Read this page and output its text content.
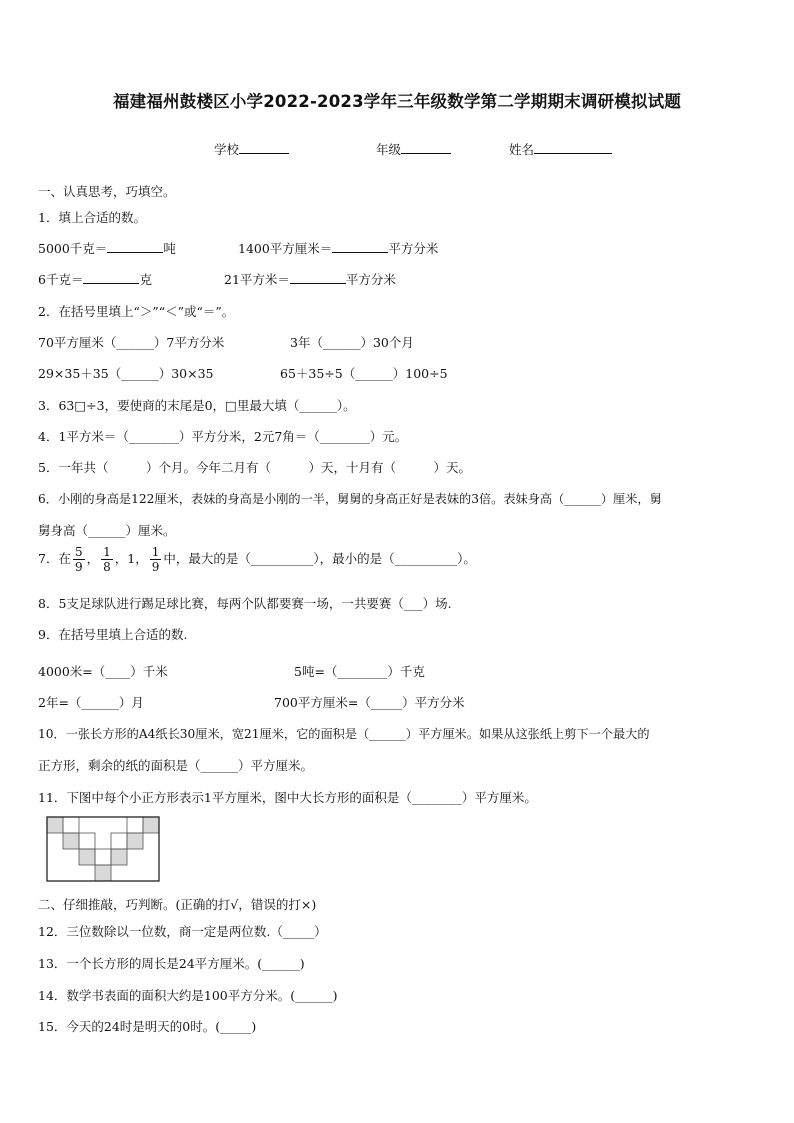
福建福州鼓楼区小学2022-2023学年三年级数学第二学期期末调研模拟试题
学校	年级	姓名
一、认真思考，巧填空。
1．填上合适的数。
5000千克＝	吨	1400平方厘米＝	平方分米
6千克＝	克	21平方米＝	平方分米
2．在括号里填上“＞”“＜”或“＝”。
70平方厘米（______）7平方分米	3年（______）30个月
29×35＋35（______）30×35	65＋35÷5（______）100÷5
3．63□÷3，要使商的末尾是0，□里最大填（______）。
4．1平方米＝（________）平方分米，2元7角＝（________）元。
5．一年共（　　　）个月。今年二月有（　　　）天，十月有（　　　）天。
6．小刚的身高是122厘米，表妹的身高是小刚的一半，舅舅的身高正好是表妹的3倍。表妹身高（______）厘米，舅
舅身高（______）厘米。
7．在 $\frac{5}{9}$ ， $\frac{1}{8}$ ，1， $\frac{1}{9}$ 中，最大的是（__________），最小的是（__________）。
8．5支足球队进行踢足球比赛，每两个队都要赛一场，一共要赛（___）场.
9．在括号里填上合适的数.
4000米=（____）千米	5吨=（________）千克
2年=（______）月	700平方厘米=（_____）平方分米
10．一张长方形的A4纸长30厘米，宽21厘米，它的面积是（______）平方厘米。如果从这张纸上剪下一个最大的
正方形，剩余的纸的面积是（______）平方厘米。
11．下图中每个小正方形表示1平方厘米，图中大长方形的面积是（________）平方厘米。
二、仔细推敲，巧判断。(正确的打√，错误的打×)
12．三位数除以一位数，商一定是两位数.（_____）
13．一个长方形的周长是24平方厘米。(______)
14．数学书表面的面积大约是100平方分米。(______)
15．今天的24时是明天的0时。(_____)
